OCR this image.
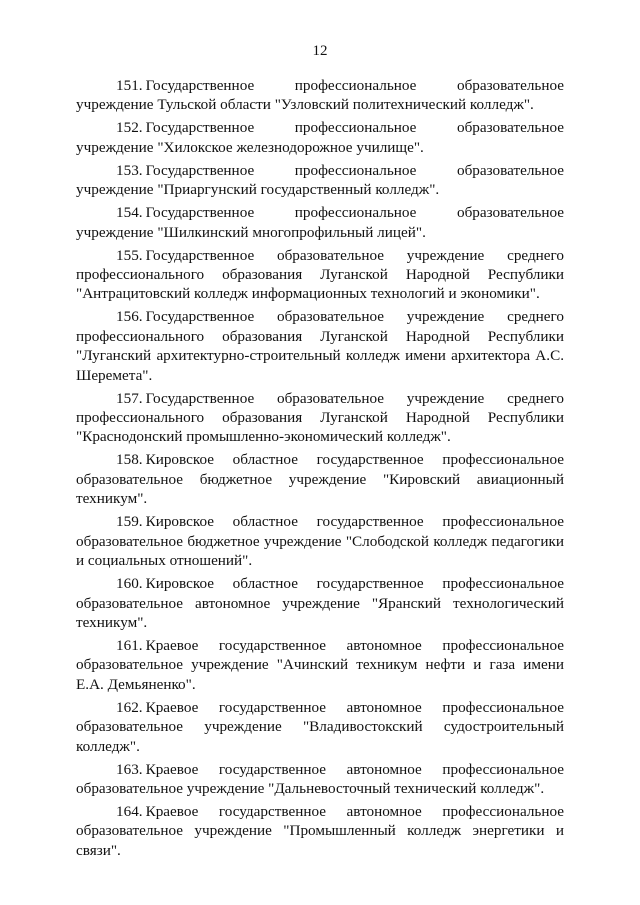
12

151. Государственное профессиональное образовательное учреждение Тульской области "Узловский политехнический колледж".

152. Государственное профессиональное образовательное учреждение "Хилокское железнодорожное училище".

153. Государственное профессиональное образовательное учреждение "Приаргунский государственный колледж".

154. Государственное профессиональное образовательное учреждение "Шилкинский многопрофильный лицей".

155. Государственное образовательное учреждение среднего профессионального образования Луганской Народной Республики "Антрацитовский колледж информационных технологий и экономики".

156. Государственное образовательное учреждение среднего профессионального образования Луганской Народной Республики "Луганский архитектурно-строительный колледж имени архитектора А.С. Шеремета".

157. Государственное образовательное учреждение среднего профессионального образования Луганской Народной Республики "Краснодонский промышленно-экономический колледж".

158. Кировское областное государственное профессиональное образовательное бюджетное учреждение "Кировский авиационный техникум".

159. Кировское областное государственное профессиональное образовательное бюджетное учреждение "Слободской колледж педагогики и социальных отношений".

160. Кировское областное государственное профессиональное образовательное автономное учреждение "Яранский технологический техникум".

161. Краевое государственное автономное профессиональное образовательное учреждение "Ачинский техникум нефти и газа имени Е.А. Демьяненко".

162. Краевое государственное автономное профессиональное образовательное учреждение "Владивостокский судостроительный колледж".

163. Краевое государственное автономное профессиональное образовательное учреждение "Дальневосточный технический колледж".

164. Краевое государственное автономное профессиональное образовательное учреждение "Промышленный колледж энергетики и связи".
